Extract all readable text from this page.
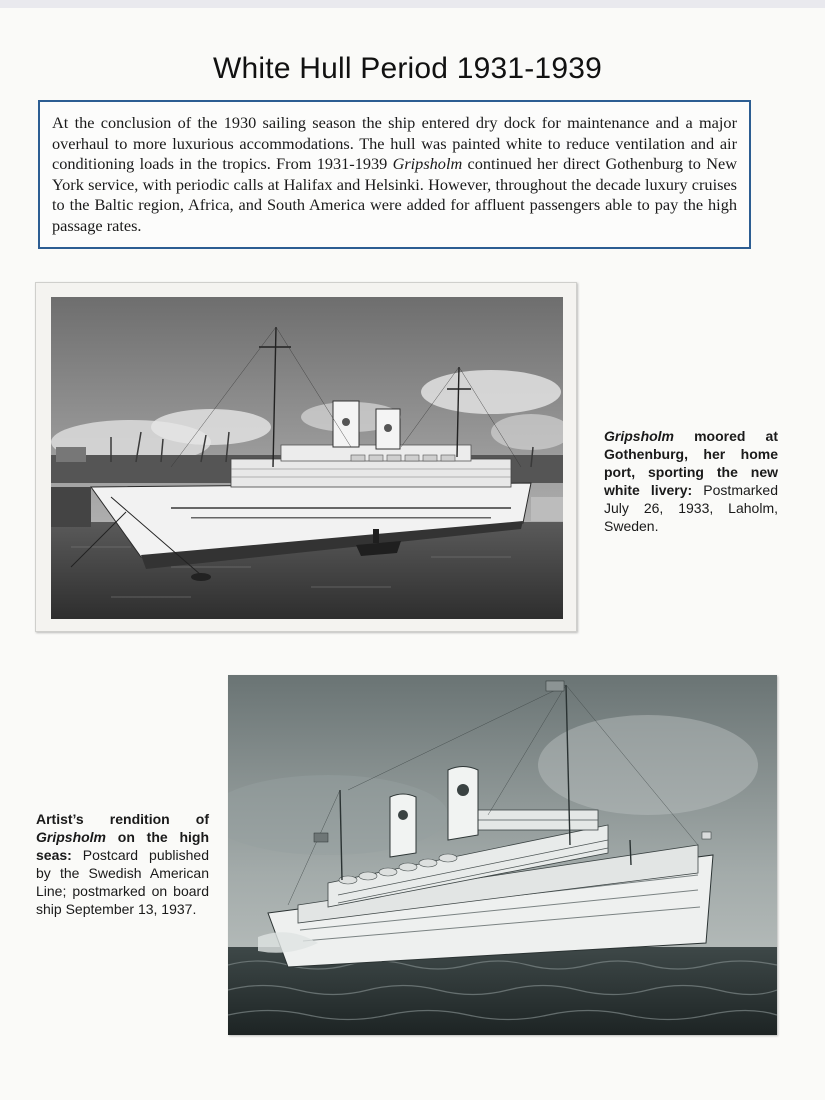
White Hull Period 1931-1939

At the conclusion of the 1930 sailing season the ship entered dry dock for maintenance and a major overhaul to more luxurious accommodations. The hull was painted white to reduce ventilation and air conditioning loads in the tropics. From 1931-1939 Gripsholm continued her direct Gothenburg to New York service, with periodic calls at Halifax and Helsinki. However, throughout the decade luxury cruises to the Baltic region, Africa, and South America were added for affluent passengers able to pay the high passage rates.

Gripsholm moored at Gothenburg, her home port, sporting the new white livery: Postmarked July 26, 1933, Laholm, Sweden.
Artist’s rendition of Gripsholm on the high seas: Postcard published by the Swedish American Line; postmarked on board ship September 13, 1937.
